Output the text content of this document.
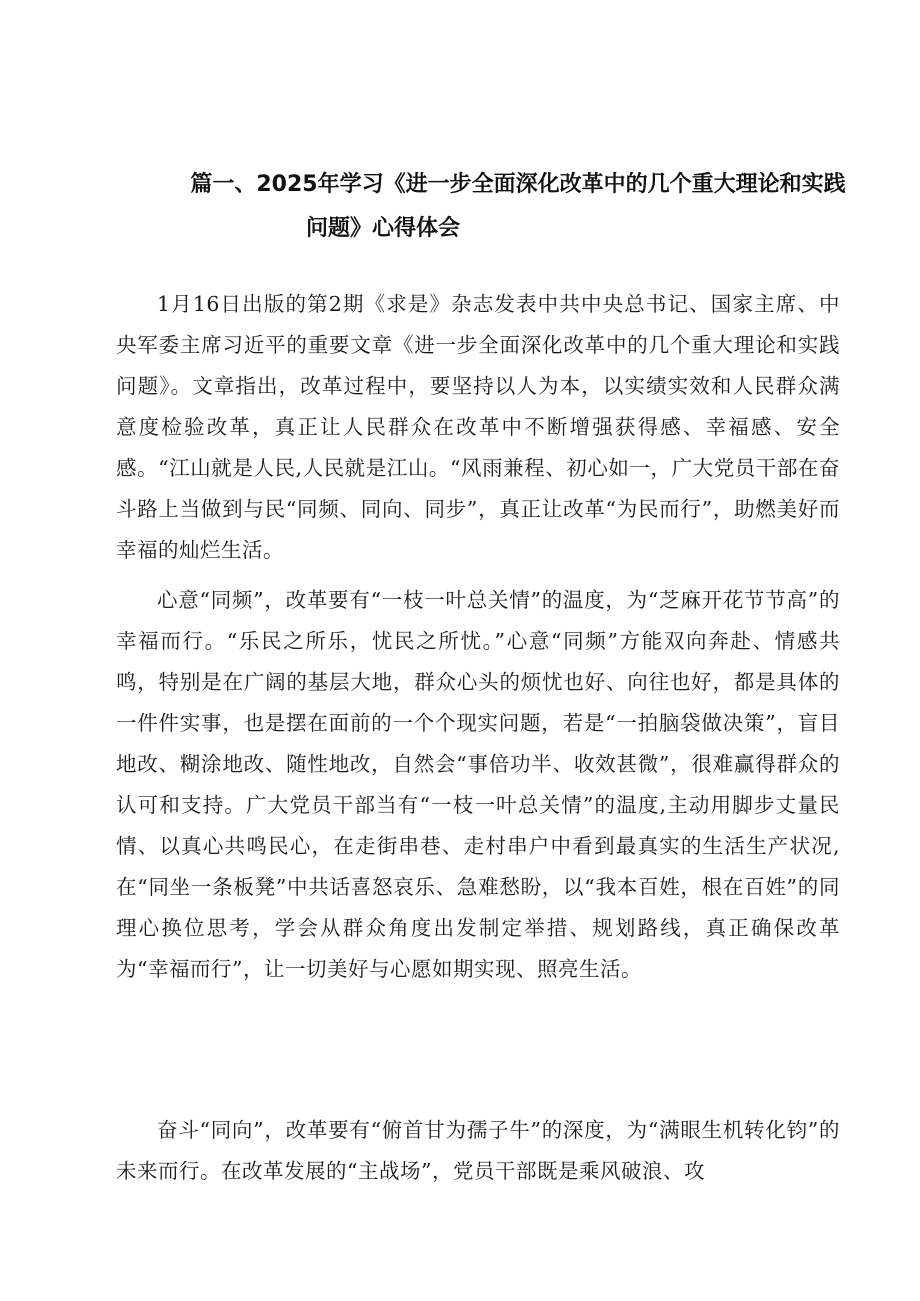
篇一、2025年学习《进一步全面深化改革中的几个重大理论和实践
问题》心得体会

1月16日出版的第2期《求是》杂志发表中共中央总书记、国家主席、中央军委主席习近平的重要文章《进一步全面深化改革中的几个重大理论和实践问题》。文章指出，改革过程中，要坚持以人为本，以实绩实效和人民群众满意度检验改革，真正让人民群众在改革中不断增强获得感、幸福感、安全感。“江山就是人民,人民就是江山。“风雨兼程、初心如一，广大党员干部在奋斗路上当做到与民“同频、同向、同步”，真正让改革“为民而行”，助燃美好而幸福的灿烂生活。

心意“同频”，改革要有“一枝一叶总关情”的温度，为“芝麻开花节节高”的幸福而行。“乐民之所乐，忧民之所忧。”心意“同频”方能双向奔赴、情感共鸣，特别是在广阔的基层大地，群众心头的烦忧也好、向往也好，都是具体的一件件实事，也是摆在面前的一个个现实问题，若是“一拍脑袋做决策”，盲目地改、糊涂地改、随性地改，自然会“事倍功半、收效甚微”，很难赢得群众的认可和支持。广大党员干部当有“一枝一叶总关情”的温度,主动用脚步丈量民情、以真心共鸣民心，在走街串巷、走村串户中看到最真实的生活生产状况,在“同坐一条板凳”中共话喜怒哀乐、急难愁盼，以“我本百姓，根在百姓”的同理心换位思考，学会从群众角度出发制定举措、规划路线，真正确保改革为“幸福而行”，让一切美好与心愿如期实现、照亮生活。

奋斗“同向”，改革要有“俯首甘为孺子牛”的深度，为“满眼生机转化钧”的未来而行。在改革发展的“主战场”，党员干部既是乘风破浪、攻
